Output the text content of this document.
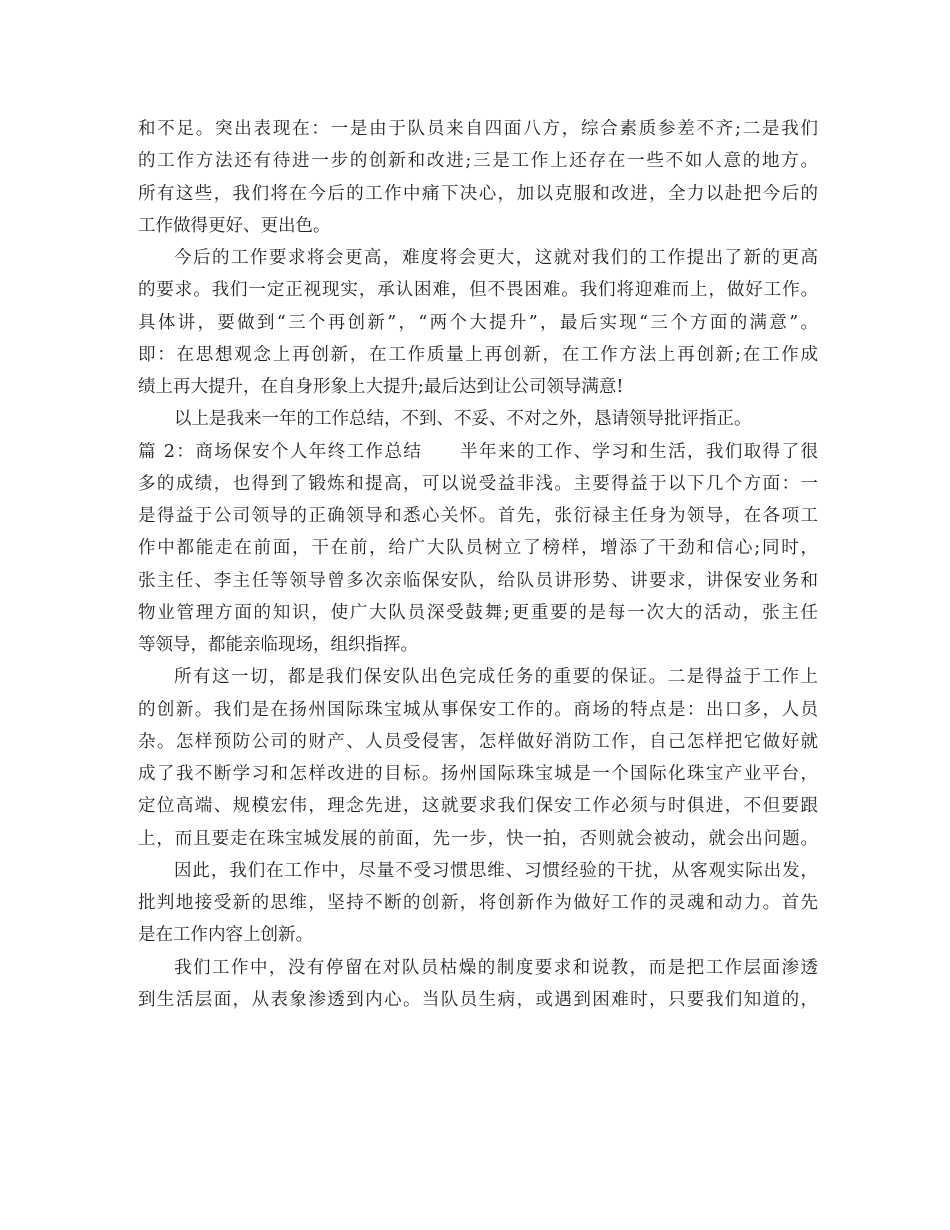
和不足。突出表现在：一是由于队员来自四面八方，综合素质参差不齐;二是我们
的工作方法还有待进一步的创新和改进;三是工作上还存在一些不如人意的地方。
所有这些，我们将在今后的工作中痛下决心，加以克服和改进，全力以赴把今后的
工作做得更好、更出色。
今后的工作要求将会更高，难度将会更大，这就对我们的工作提出了新的更高
的要求。我们一定正视现实，承认困难，但不畏困难。我们将迎难而上，做好工作。
具体讲，要做到“三个再创新”，“两个大提升”，最后实现“三个方面的满意”。
即：在思想观念上再创新，在工作质量上再创新，在工作方法上再创新;在工作成
绩上再大提升，在自身形象上大提升;最后达到让公司领导满意!
以上是我来一年的工作总结，不到、不妥、不对之外，恳请领导批评指正。
篇 2：商场保安个人年终工作总结　　半年来的工作、学习和生活，我们取得了很
多的成绩，也得到了锻炼和提高，可以说受益非浅。主要得益于以下几个方面：一
是得益于公司领导的正确领导和悉心关怀。首先，张衍禄主任身为领导，在各项工
作中都能走在前面，干在前，给广大队员树立了榜样，增添了干劲和信心;同时，
张主任、李主任等领导曾多次亲临保安队，给队员讲形势、讲要求，讲保安业务和
物业管理方面的知识，使广大队员深受鼓舞;更重要的是每一次大的活动，张主任
等领导，都能亲临现场，组织指挥。
所有这一切，都是我们保安队出色完成任务的重要的保证。二是得益于工作上
的创新。我们是在扬州国际珠宝城从事保安工作的。商场的特点是：出口多，人员
杂。怎样预防公司的财产、人员受侵害，怎样做好消防工作，自己怎样把它做好就
成了我不断学习和怎样改进的目标。扬州国际珠宝城是一个国际化珠宝产业平台，
定位高端、规模宏伟，理念先进，这就要求我们保安工作必须与时俱进，不但要跟
上，而且要走在珠宝城发展的前面，先一步，快一拍，否则就会被动，就会出问题。
因此，我们在工作中，尽量不受习惯思维、习惯经验的干扰，从客观实际出发，
批判地接受新的思维，坚持不断的创新，将创新作为做好工作的灵魂和动力。首先
是在工作内容上创新。
我们工作中，没有停留在对队员枯燥的制度要求和说教，而是把工作层面渗透
到生活层面，从表象渗透到内心。当队员生病，或遇到困难时，只要我们知道的，
